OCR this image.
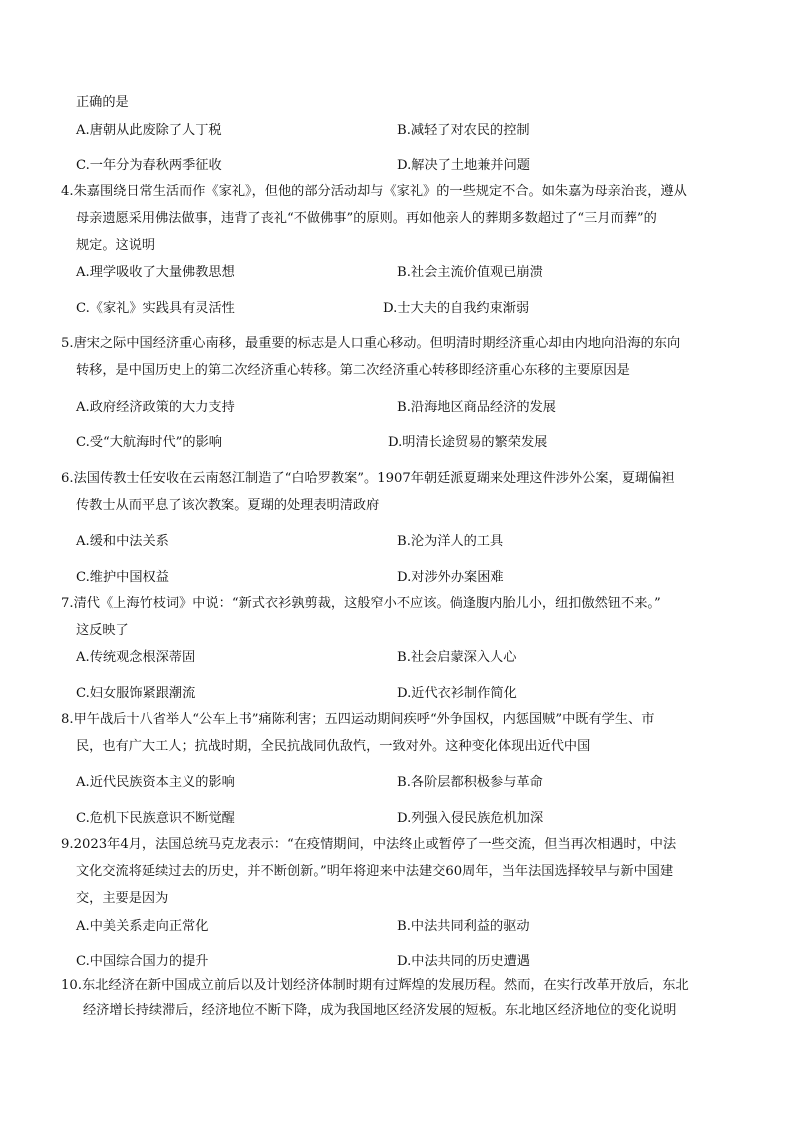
正确的是
A.唐朝从此废除了人丁税	B.减轻了对农民的控制
C.一年分为春秋两季征收	D.解决了土地兼并问题
4.朱嘉围绕日常生活而作《家礼》，但他的部分活动却与《家礼》的一些规定不合。如朱嘉为母亲治丧，遵从
母亲遗愿采用佛法做事，违背了丧礼“不做佛事”的原则。再如他亲人的葬期多数超过了“三月而葬”的
规定。这说明
A.理学吸收了大量佛教思想	B.社会主流价值观已崩溃
C.《家礼》实践具有灵活性	D.士大夫的自我约束渐弱
5.唐宋之际中国经济重心南移，最重要的标志是人口重心移动。但明清时期经济重心却由内地向沿海的东向
转移，是中国历史上的第二次经济重心转移。第二次经济重心转移即经济重心东移的主要原因是
A.政府经济政策的大力支持	B.沿海地区商品经济的发展
C.受“大航海时代”的影响	D.明清长途贸易的繁荣发展
6.法国传教士任安收在云南怒江制造了“白哈罗教案”。1907年朝廷派夏瑚来处理这件涉外公案，夏瑚偏袒
传教士从而平息了该次教案。夏瑚的处理表明清政府
A.缓和中法关系	B.沦为洋人的工具
C.维护中国权益	D.对涉外办案困难
7.清代《上海竹枝词》中说：“新式衣衫孰剪裁，这般窄小不应该。倘逢腹内胎儿小，纽扣傲然钮不来。”
这反映了
A.传统观念根深蒂固	B.社会启蒙深入人心
C.妇女服饰紧跟潮流	D.近代衣衫制作简化
8.甲午战后十八省举人“公车上书”痛陈利害；五四运动期间疾呼“外争国权，内惩国贼”中既有学生、市
民，也有广大工人；抗战时期，全民抗战同仇敌忾，一致对外。这种变化体现出近代中国
A.近代民族资本主义的影响	B.各阶层都积极参与革命
C.危机下民族意识不断觉醒	D.列强入侵民族危机加深
9.2023年4月，法国总统马克龙表示：“在疫情期间，中法终止或暂停了一些交流，但当再次相遇时，中法
文化交流将延续过去的历史，并不断创新。”明年将迎来中法建交60周年，当年法国选择较早与新中国建
交，主要是因为
A.中美关系走向正常化	B.中法共同利益的驱动
C.中国综合国力的提升	D.中法共同的历史遭遇
10.东北经济在新中国成立前后以及计划经济体制时期有过辉煌的发展历程。然而，在实行改革开放后，东北
经济增长持续滞后，经济地位不断下降，成为我国地区经济发展的短板。东北地区经济地位的变化说明
